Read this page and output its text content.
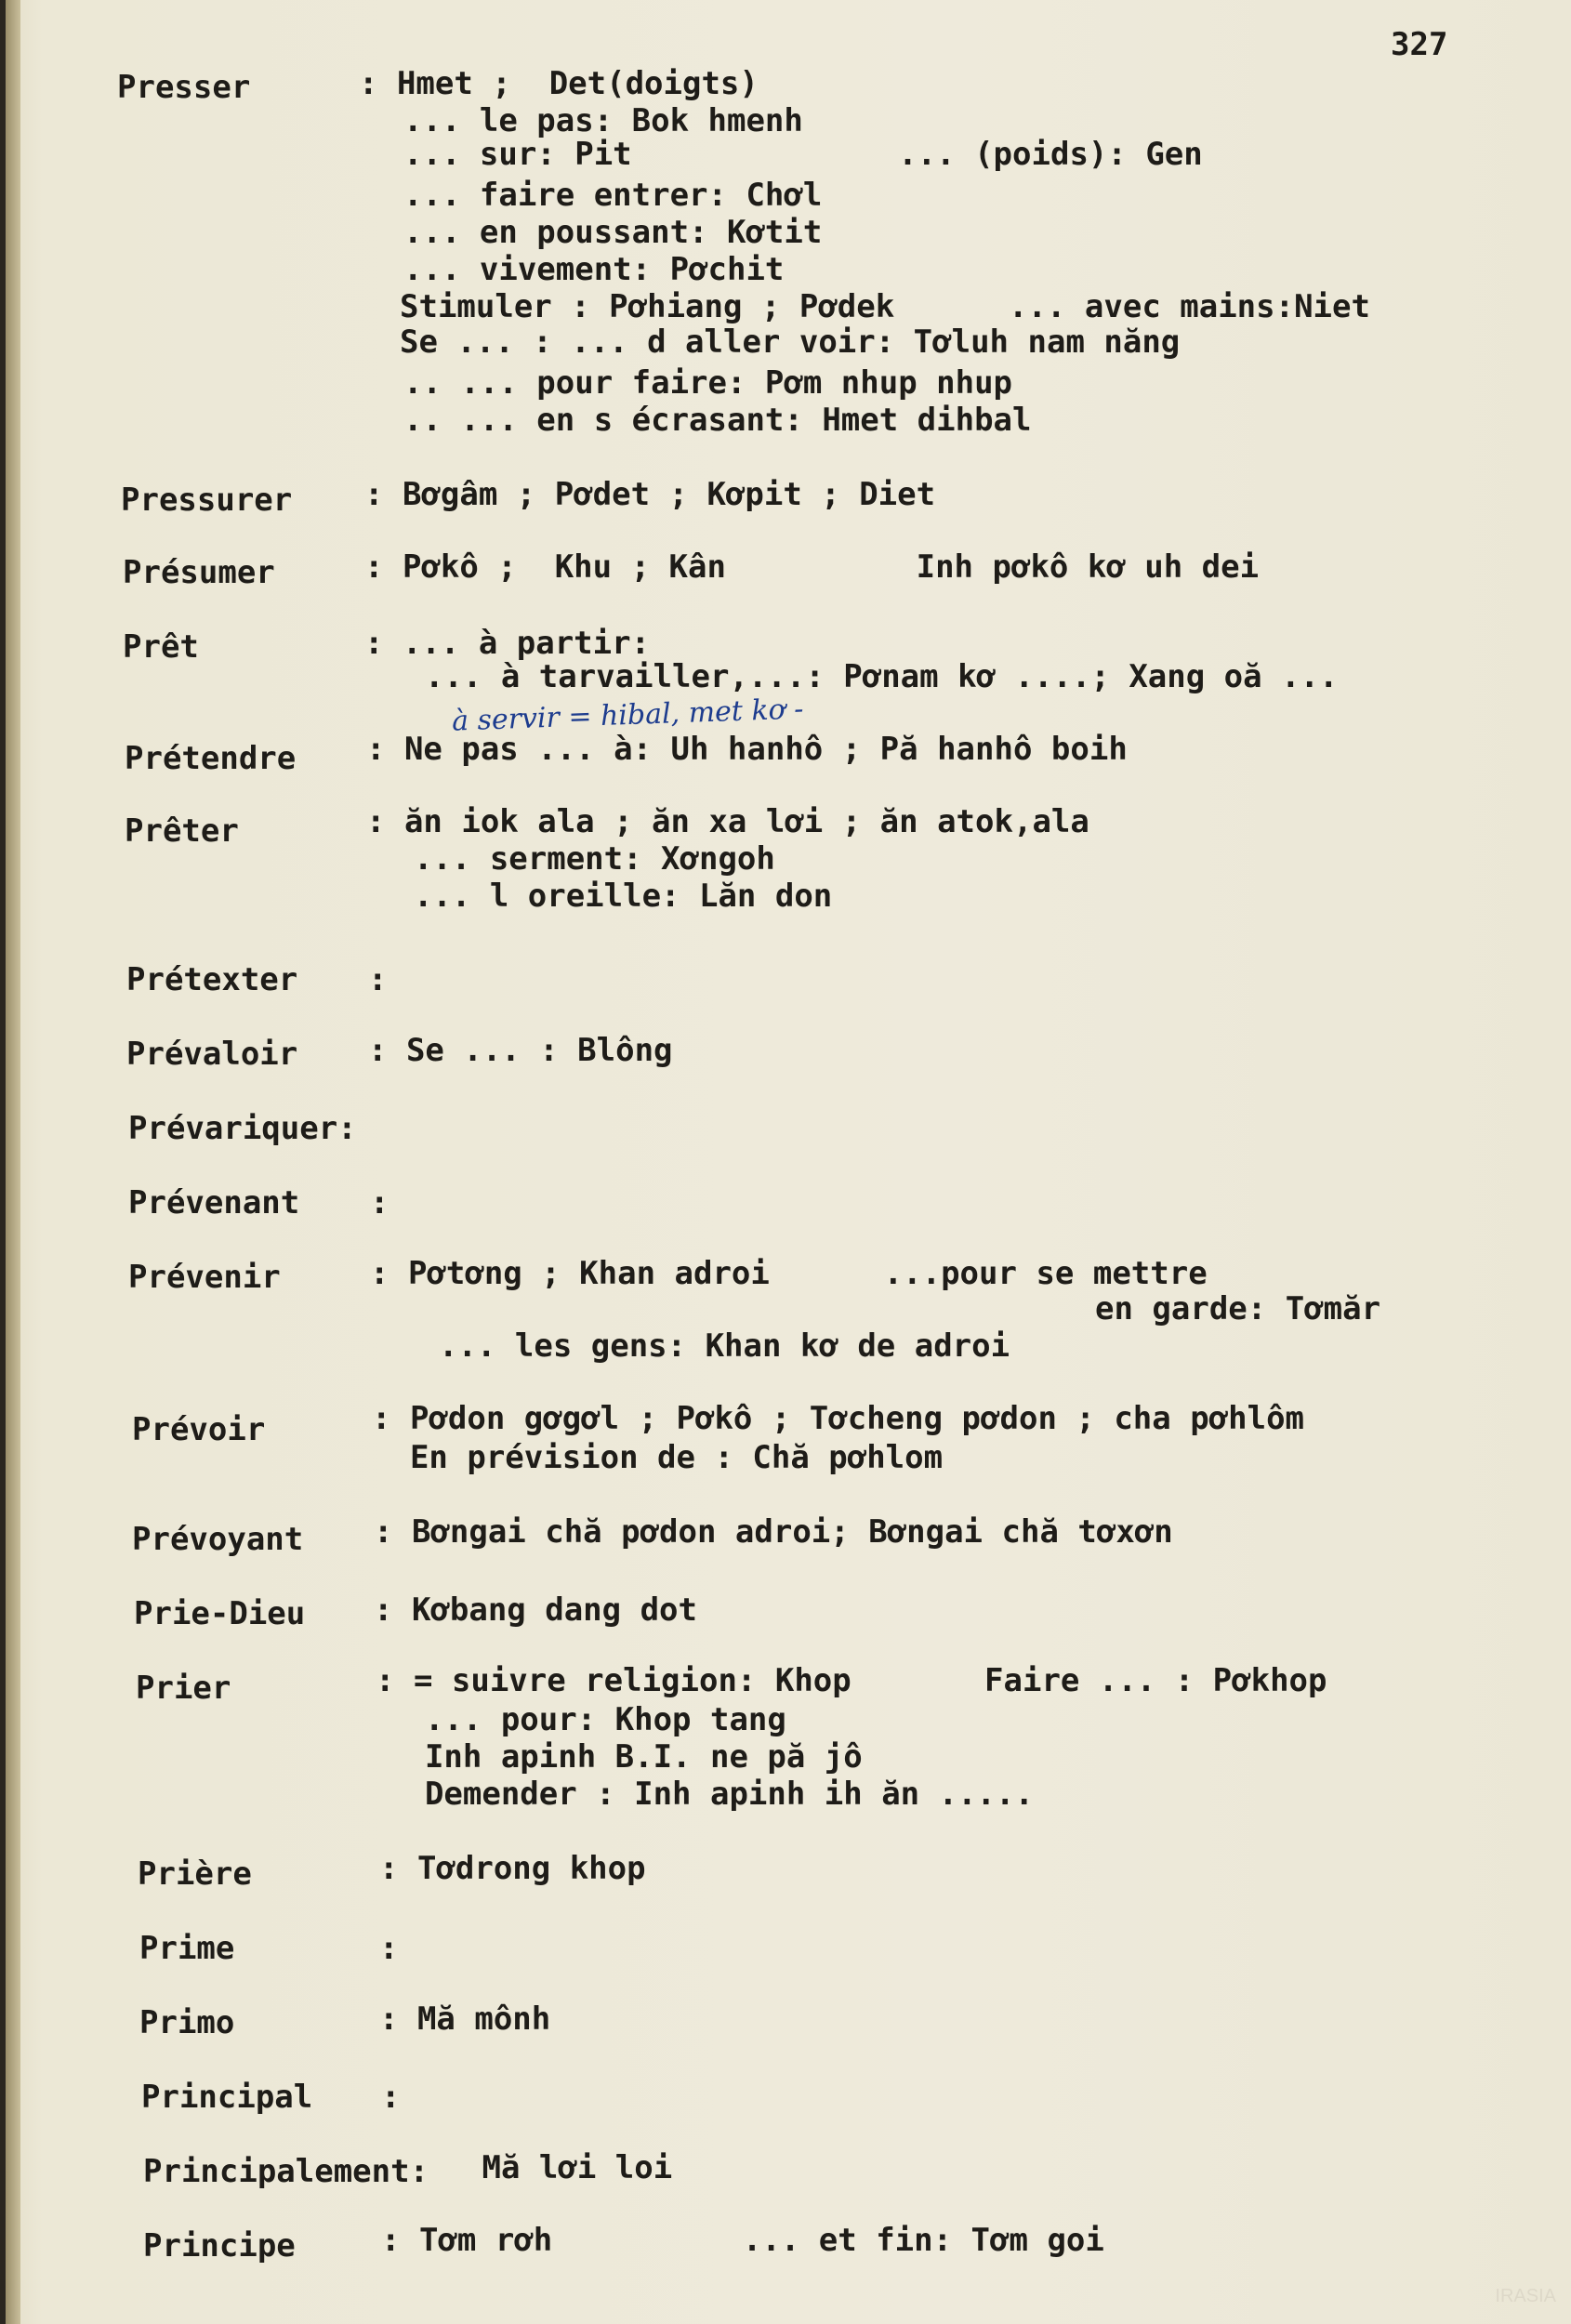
327
Presser	: Hmet ;  Det(doigts)
... le pas: Bok hmenh
... sur: Pit              ... (poids): Gen
... faire entrer: Chơl
... en poussant: Kơtit
... vivement: Pơchit
Stimuler : Pơhiang ; Pơdek      ... avec mains:Niet
Se ... : ... d aller voir: Tơluh nam năng
.. ... pour faire: Pơm nhup nhup
.. ... en s écrasant: Hmet dihbal
Pressurer : Bơgâm ; Pơdet ; Kơpit ; Diet
Présumer	: Pơkô ;  Khu ; Kân          Inh pơkô kơ uh dei
Prêt	: ... à partir:
... à tarvailler,...: Pơnam kơ ....; Xang oă ...
à servir = hibal, met kơ -
Prétendre : Ne pas ... à: Uh hanhô ; Pă hanhô boih
Prêter	: ăn iok ala ; ăn xa lơi ; ăn atok,ala
... serment: Xơngoh
... l oreille: Lăn don
Prétexter :
Prévaloir : Se ... : Blông
Prévariquer:
Prévenant :
Prévenir	: Pơtơng ; Khan adroi      ...pour se mettre
en garde: Tơmăr
... les gens: Khan kơ de adroi
Prévoir	: Pơdon gơgơl ; Pơkô ; Tơcheng pơdon ; cha pơhlôm
En prévision de : Chă pơhlom
Prévoyant : Bơngai chă pơdon adroi; Bơngai chă tơxơn
Prie-Dieu : Kơbang dang dot
Prier	: = suivre religion: Khop       Faire ... : Pơkhop
... pour: Khop tang
Inh apinh B.I. ne pă jô
Demender : Inh apinh ih ăn .....
Prière	: Tơdrong khop
Prime	:
Primo	: Mă mônh
Principal :
Principalement: Mă lơi loi
Principe	: Tơm rơh          ... et fin: Tơm goi
IRASIA
